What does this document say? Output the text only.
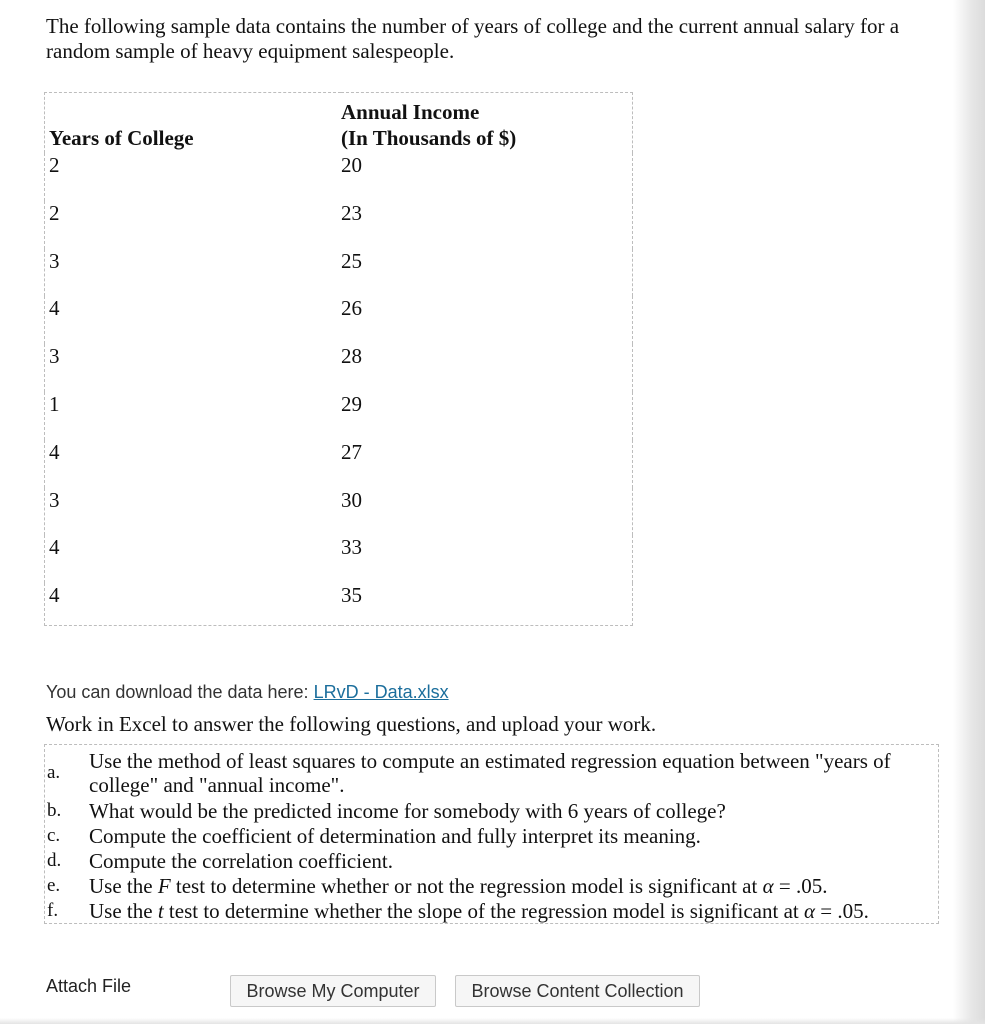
The following sample data contains the number of years of college and the current annual salary for a random sample of heavy equipment salespeople.

Years of College	Annual Income
(In Thousands of $)

2	20
2	23
3	25
4	26
3	28
1	29
4	27
3	30
4	33
4	35
You can download the data here: LRvD - Data.xlsx

Work in Excel to answer the following questions, and upload your work.

a. Use the method of least squares to compute an estimated regression equation between "years of college" and "annual income".
b. What would be the predicted income for somebody with 6 years of college?
c. Compute the coefficient of determination and fully interpret its meaning.
d. Compute the correlation coefficient.
e. Use the F test to determine whether or not the regression model is significant at α = .05.
f. Use the t test to determine whether the slope of the regression model is significant at α = .05.
Attach File	Browse My Computer	Browse Content Collection
